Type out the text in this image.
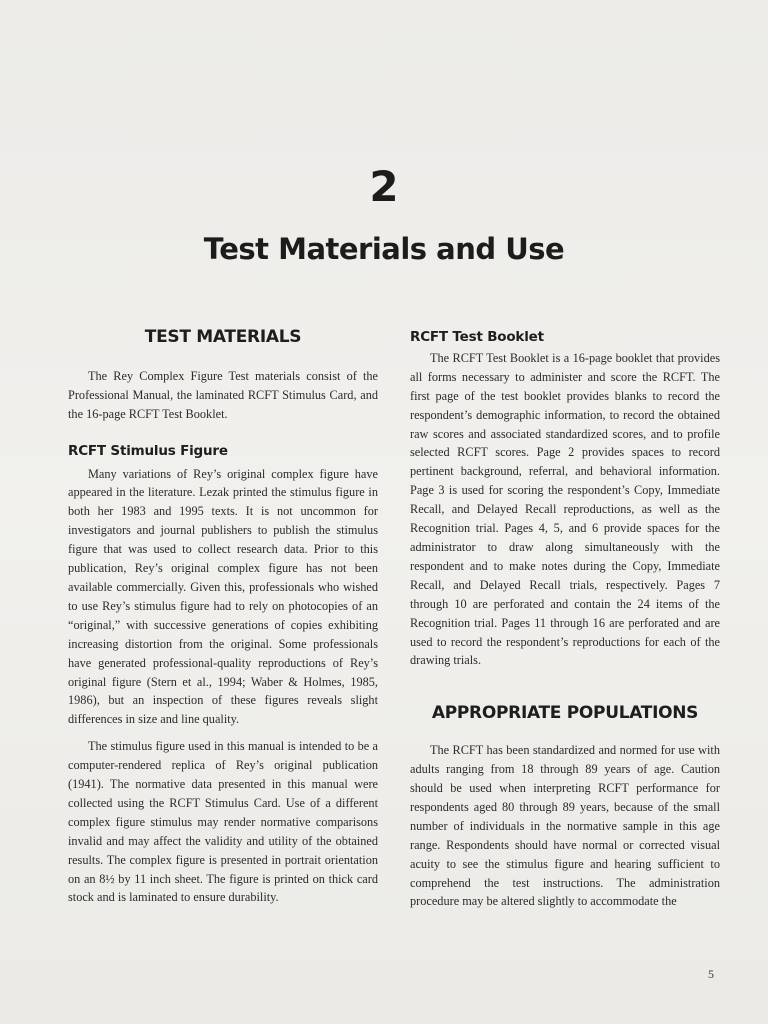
2
Test Materials and Use
TEST MATERIALS

The Rey Complex Figure Test materials consist of the Professional Manual, the laminated RCFT Stimulus Card, and the 16-page RCFT Test Booklet.

RCFT Stimulus Figure

Many variations of Rey’s original complex figure have appeared in the literature. Lezak printed the stimulus figure in both her 1983 and 1995 texts. It is not uncommon for investigators and journal publishers to publish the stimulus figure that was used to collect research data. Prior to this publication, Rey’s original complex figure has not been available commercially. Given this, professionals who wished to use Rey’s stimulus figure had to rely on photocopies of an “original,” with successive generations of copies exhibiting increasing distortion from the original. Some professionals have generated professional-quality reproductions of Rey’s original figure (Stern et al., 1994; Waber & Holmes, 1985, 1986), but an inspection of these figures reveals slight differences in size and line quality.

The stimulus figure used in this manual is intended to be a computer-rendered replica of Rey’s original publication (1941). The normative data presented in this manual were collected using the RCFT Stimulus Card. Use of a different complex figure stimulus may render normative comparisons invalid and may affect the validity and utility of the obtained results. The complex figure is presented in portrait orientation on an 8½ by 11 inch sheet. The figure is printed on thick card stock and is laminated to ensure durability.

RCFT Test Booklet

The RCFT Test Booklet is a 16-page booklet that provides all forms necessary to administer and score the RCFT. The first page of the test booklet provides blanks to record the respondent’s demographic information, to record the obtained raw scores and associated standardized scores, and to profile selected RCFT scores. Page 2 provides spaces to record pertinent background, referral, and behavioral information. Page 3 is used for scoring the respondent’s Copy, Immediate Recall, and Delayed Recall reproductions, as well as the Recognition trial. Pages 4, 5, and 6 provide spaces for the administrator to draw along simultaneously with the respondent and to make notes during the Copy, Immediate Recall, and Delayed Recall trials, respectively. Pages 7 through 10 are perforated and contain the 24 items of the Recognition trial. Pages 11 through 16 are perforated and are used to record the respondent’s reproductions for each of the drawing trials.

APPROPRIATE POPULATIONS

The RCFT has been standardized and normed for use with adults ranging from 18 through 89 years of age. Caution should be used when interpreting RCFT performance for respondents aged 80 through 89 years, because of the small number of individuals in the normative sample in this age range. Respondents should have normal or corrected visual acuity to see the stimulus figure and hearing sufficient to comprehend the test instructions. The administration procedure may be altered slightly to accommodate the

5
